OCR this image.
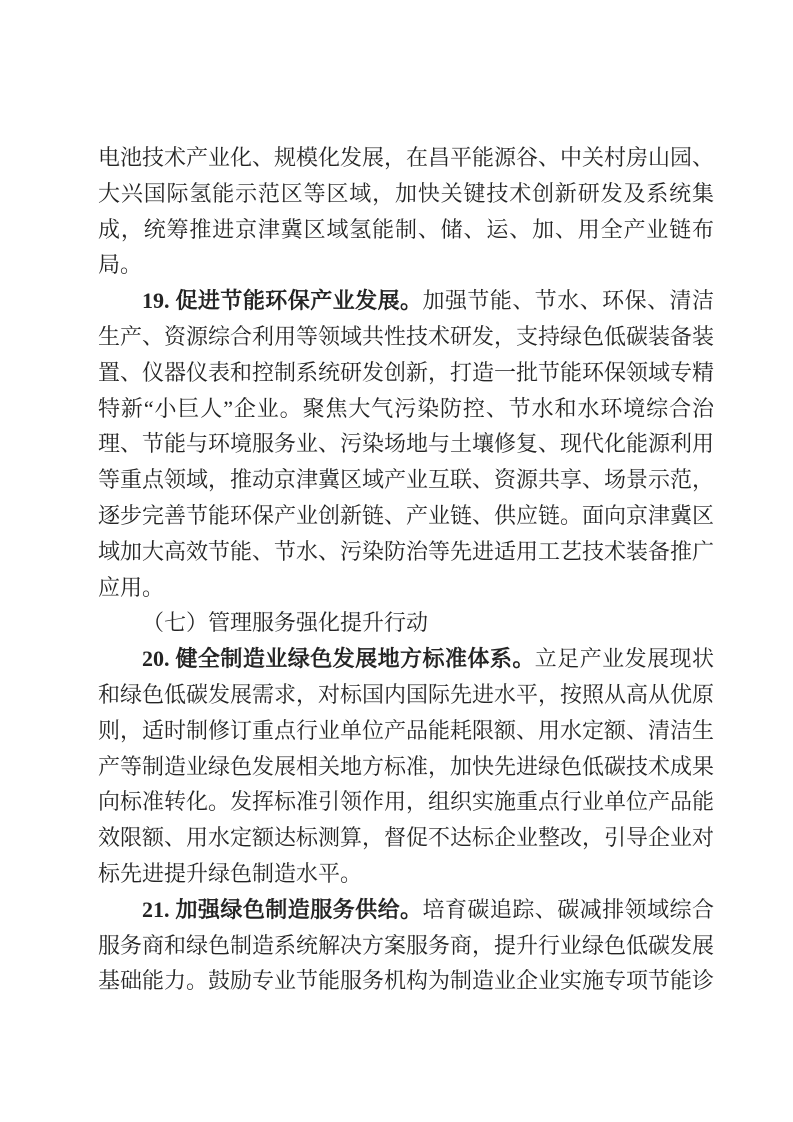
电池技术产业化、规模化发展，在昌平能源谷、中关村房山园、大兴国际氢能示范区等区域，加快关键技术创新研发及系统集成，统筹推进京津冀区域氢能制、储、运、加、用全产业链布局。

19. 促进节能环保产业发展。加强节能、节水、环保、清洁生产、资源综合利用等领域共性技术研发，支持绿色低碳装备装置、仪器仪表和控制系统研发创新，打造一批节能环保领域专精特新“小巨人”企业。聚焦大气污染防控、节水和水环境综合治理、节能与环境服务业、污染场地与土壤修复、现代化能源利用等重点领域，推动京津冀区域产业互联、资源共享、场景示范，逐步完善节能环保产业创新链、产业链、供应链。面向京津冀区域加大高效节能、节水、污染防治等先进适用工艺技术装备推广应用。

（七）管理服务强化提升行动

20. 健全制造业绿色发展地方标准体系。立足产业发展现状和绿色低碳发展需求，对标国内国际先进水平，按照从高从优原则，适时制修订重点行业单位产品能耗限额、用水定额、清洁生产等制造业绿色发展相关地方标准，加快先进绿色低碳技术成果向标准转化。发挥标准引领作用，组织实施重点行业单位产品能效限额、用水定额达标测算，督促不达标企业整改，引导企业对标先进提升绿色制造水平。

21. 加强绿色制造服务供给。培育碳追踪、碳减排领域综合服务商和绿色制造系统解决方案服务商，提升行业绿色低碳发展基础能力。鼓励专业节能服务机构为制造业企业实施专项节能诊
